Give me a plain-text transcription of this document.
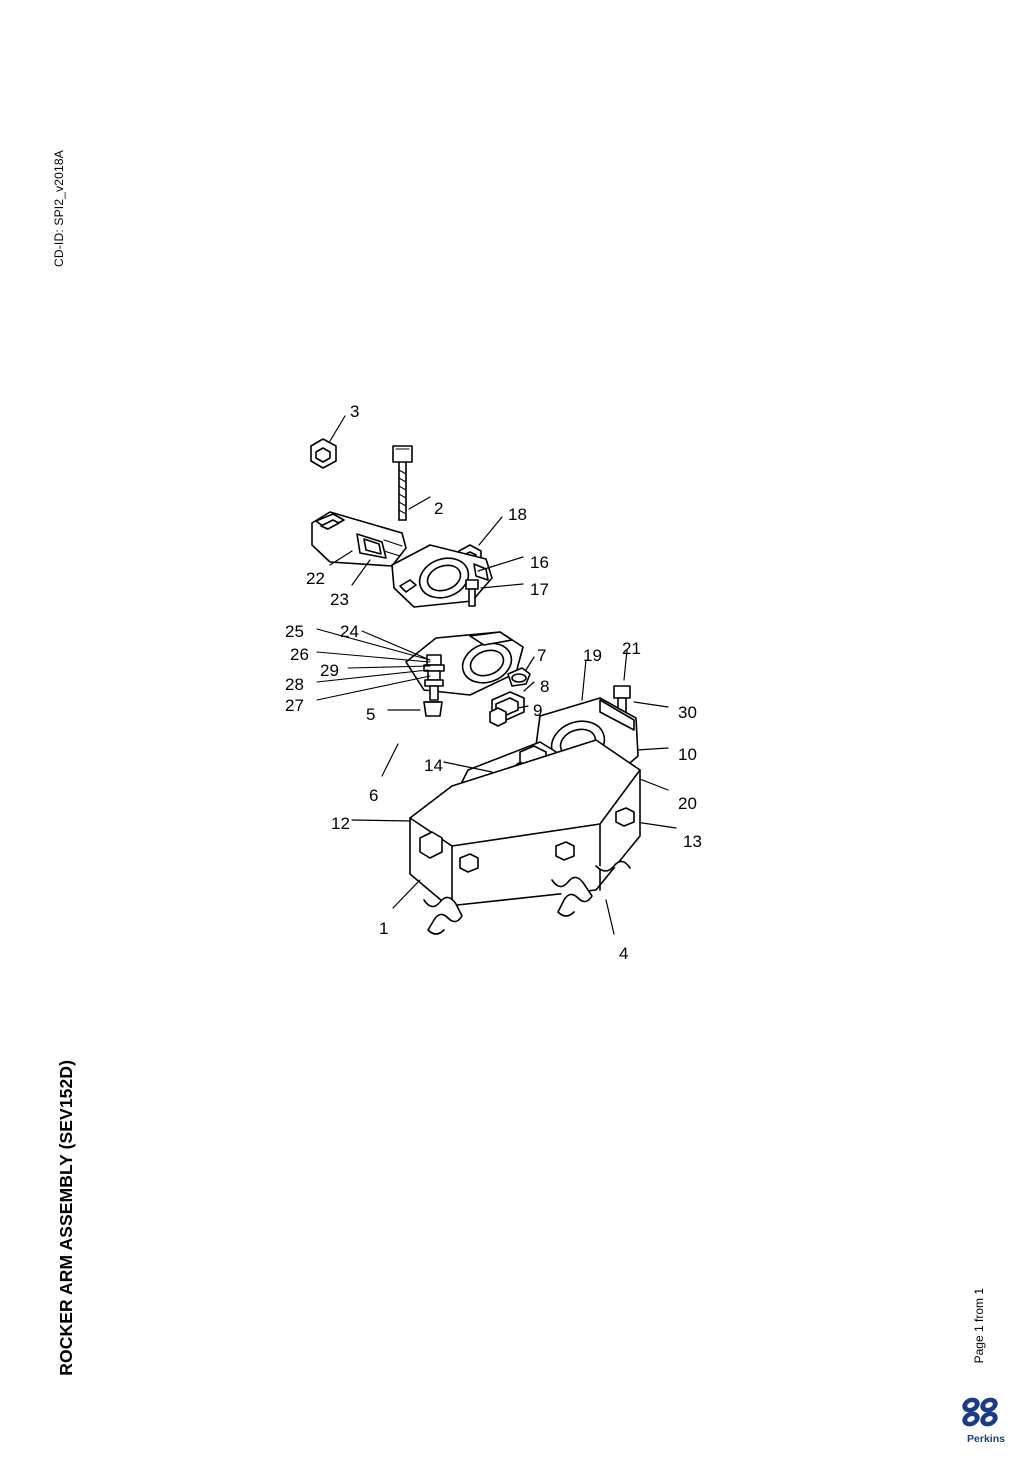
CD-ID: SPI2_v2018A
ROCKER ARM ASSEMBLY (SEV152D)	Page 1 from 1
3
2	18
16
17
22
23
25 24
26
29
28
27	5
7
8
9
19 21
30
10
20
13
14
12
6
1
4
Perkins
